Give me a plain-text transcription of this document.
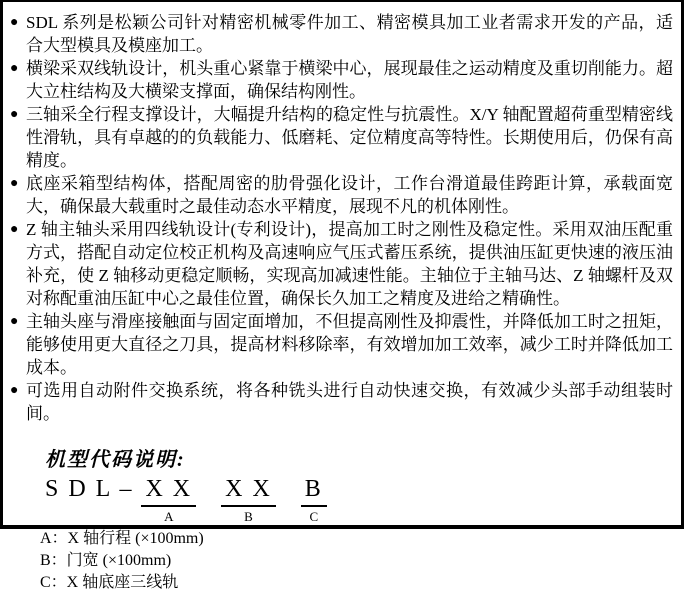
● SDL 系列是松颖公司针对精密机械零件加工、精密模具加工业者需求开发的产品，适合大型模具及模座加工。
● 横梁采双线轨设计，机头重心紧靠于横梁中心，展现最佳之运动精度及重切削能力。超大立柱结构及大横梁支撑面，确保结构刚性。
● 三轴采全行程支撑设计，大幅提升结构的稳定性与抗震性。X/Y 轴配置超荷重型精密线性滑轨，具有卓越的的负载能力、低磨耗、定位精度高等特性。长期使用后，仍保有高精度。
● 底座采箱型结构体，搭配周密的肋骨强化设计，工作台滑道最佳跨距计算，承载面宽大，确保最大载重时之最佳动态水平精度，展现不凡的机体刚性。
● Z 轴主轴头采用四线轨设计(专利设计)，提高加工时之刚性及稳定性。采用双油压配重方式，搭配自动定位校正机构及高速响应气压式蓄压系统，提供油压缸更快速的液压油补充，使 Z 轴移动更稳定顺畅，实现高加减速性能。主轴位于主轴马达、Z 轴螺杆及双对称配重油压缸中心之最佳位置，确保长久加工之精度及进给之精确性。
● 主轴头座与滑座接触面与固定面增加，不但提高刚性及抑震性，并降低加工时之扭矩，能够使用更大直径之刀具，提高材料移除率，有效增加加工效率，减少工时并降低加工成本。
● 可选用自动附件交换系统，将各种铣头进行自动快速交换，有效减少头部手动组装时间。
机型代码说明:
S D L – X X
A
X X
B
B
C
A：X 轴行程 (×100mm)
B：门宽 (×100mm)
C：X 轴底座三线轨
